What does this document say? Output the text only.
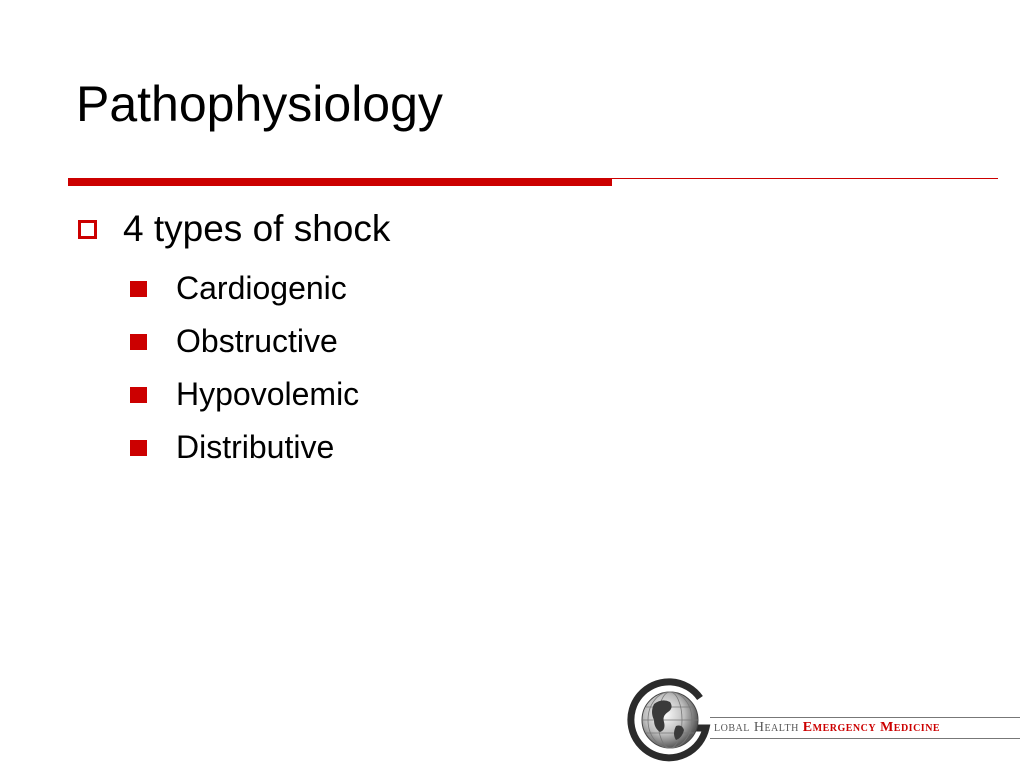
Pathophysiology
4 types of shock
Cardiogenic
Obstructive
Hypovolemic
Distributive
lobal Health Emergency Medicine
